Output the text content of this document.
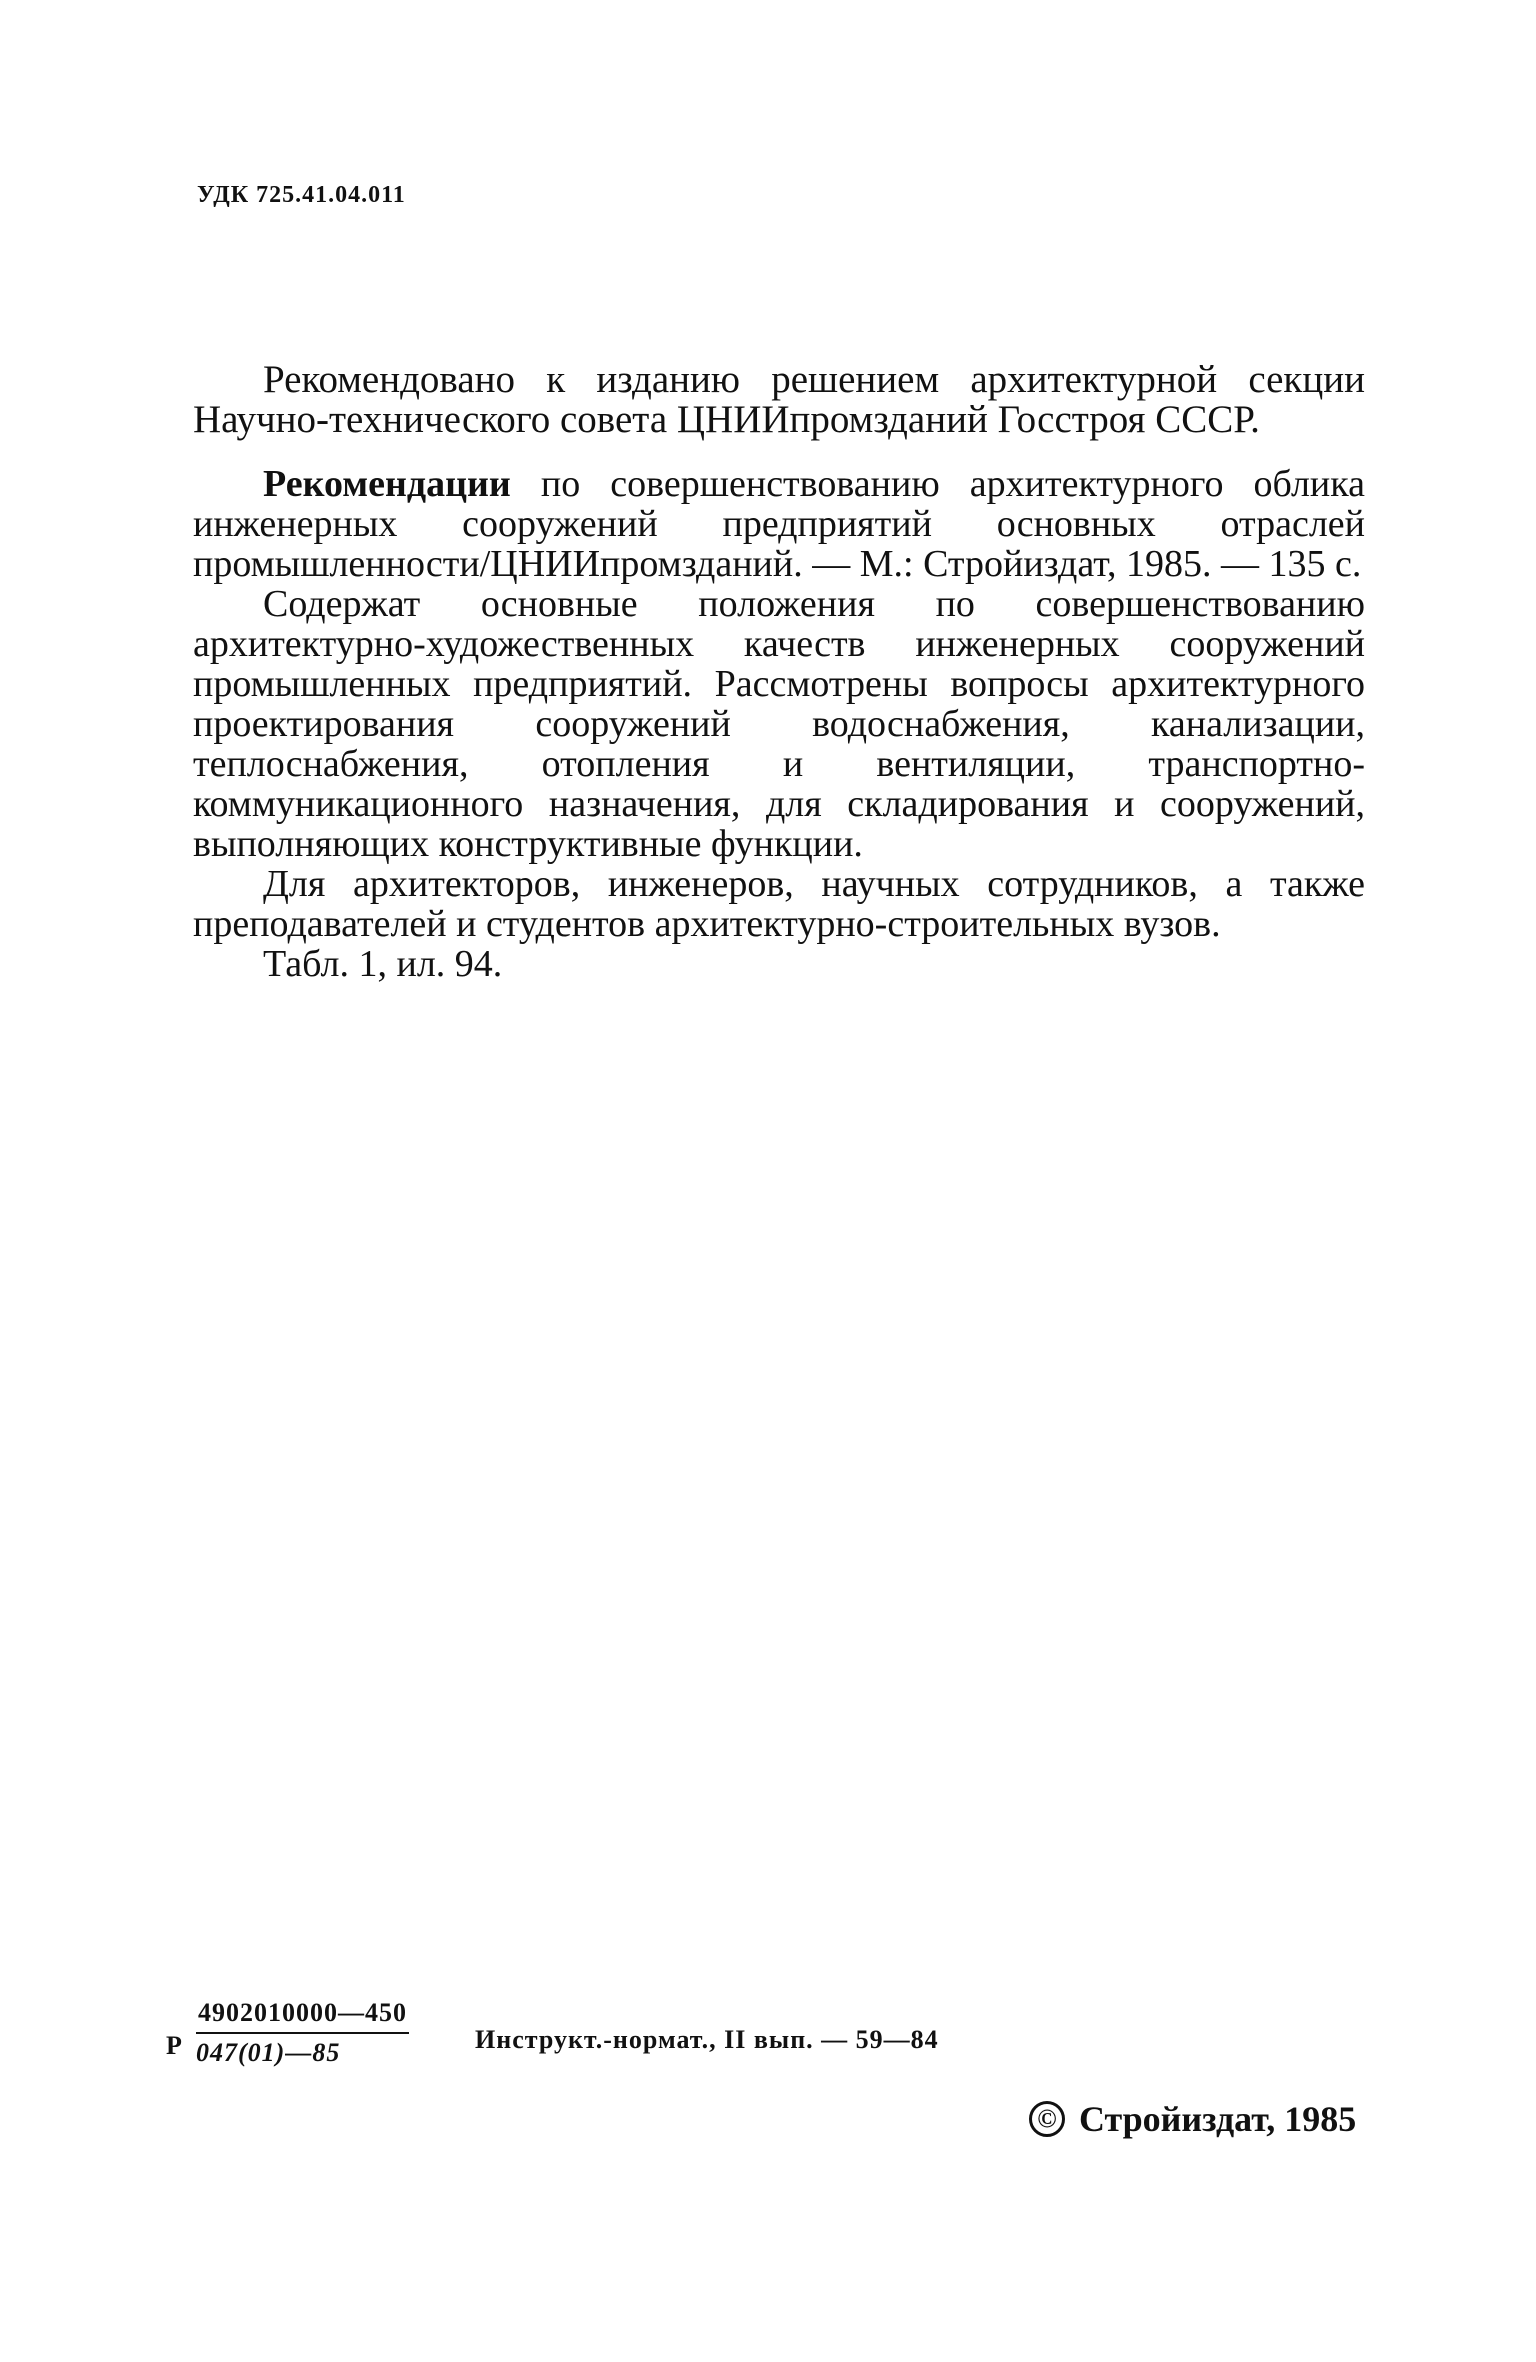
УДК 725.41.04.011

Рекомендовано к изданию решением архитектурной секции Научно-технического совета ЦНИИпромзданий Госстроя СССР.

Рекомендации по совершенствованию архитектурного облика инженерных сооружений предприятий основных отраслей промышленности/ЦНИИпромзданий. — М.: Стройиздат, 1985. — 135 с.

Содержат основные положения по совершенствованию архитектурно-художественных качеств инженерных сооружений промышленных предприятий. Рассмотрены вопросы архитектурного проектирования сооружений водоснабжения, канализации, теплоснабжения, отопления и вентиляции, транспортно-коммуникационного назначения, для складирования и сооружений, выполняющих конструктивные функции.

Для архитекторов, инженеров, научных сотрудников, а также преподавателей и студентов архитектурно-строительных вузов.

Табл. 1, ил. 94.

Р $\frac{4902010000—450}{047(01)—85}$	Инструкт.-нормат., II вып. — 59—84
© Стройиздат, 1985
